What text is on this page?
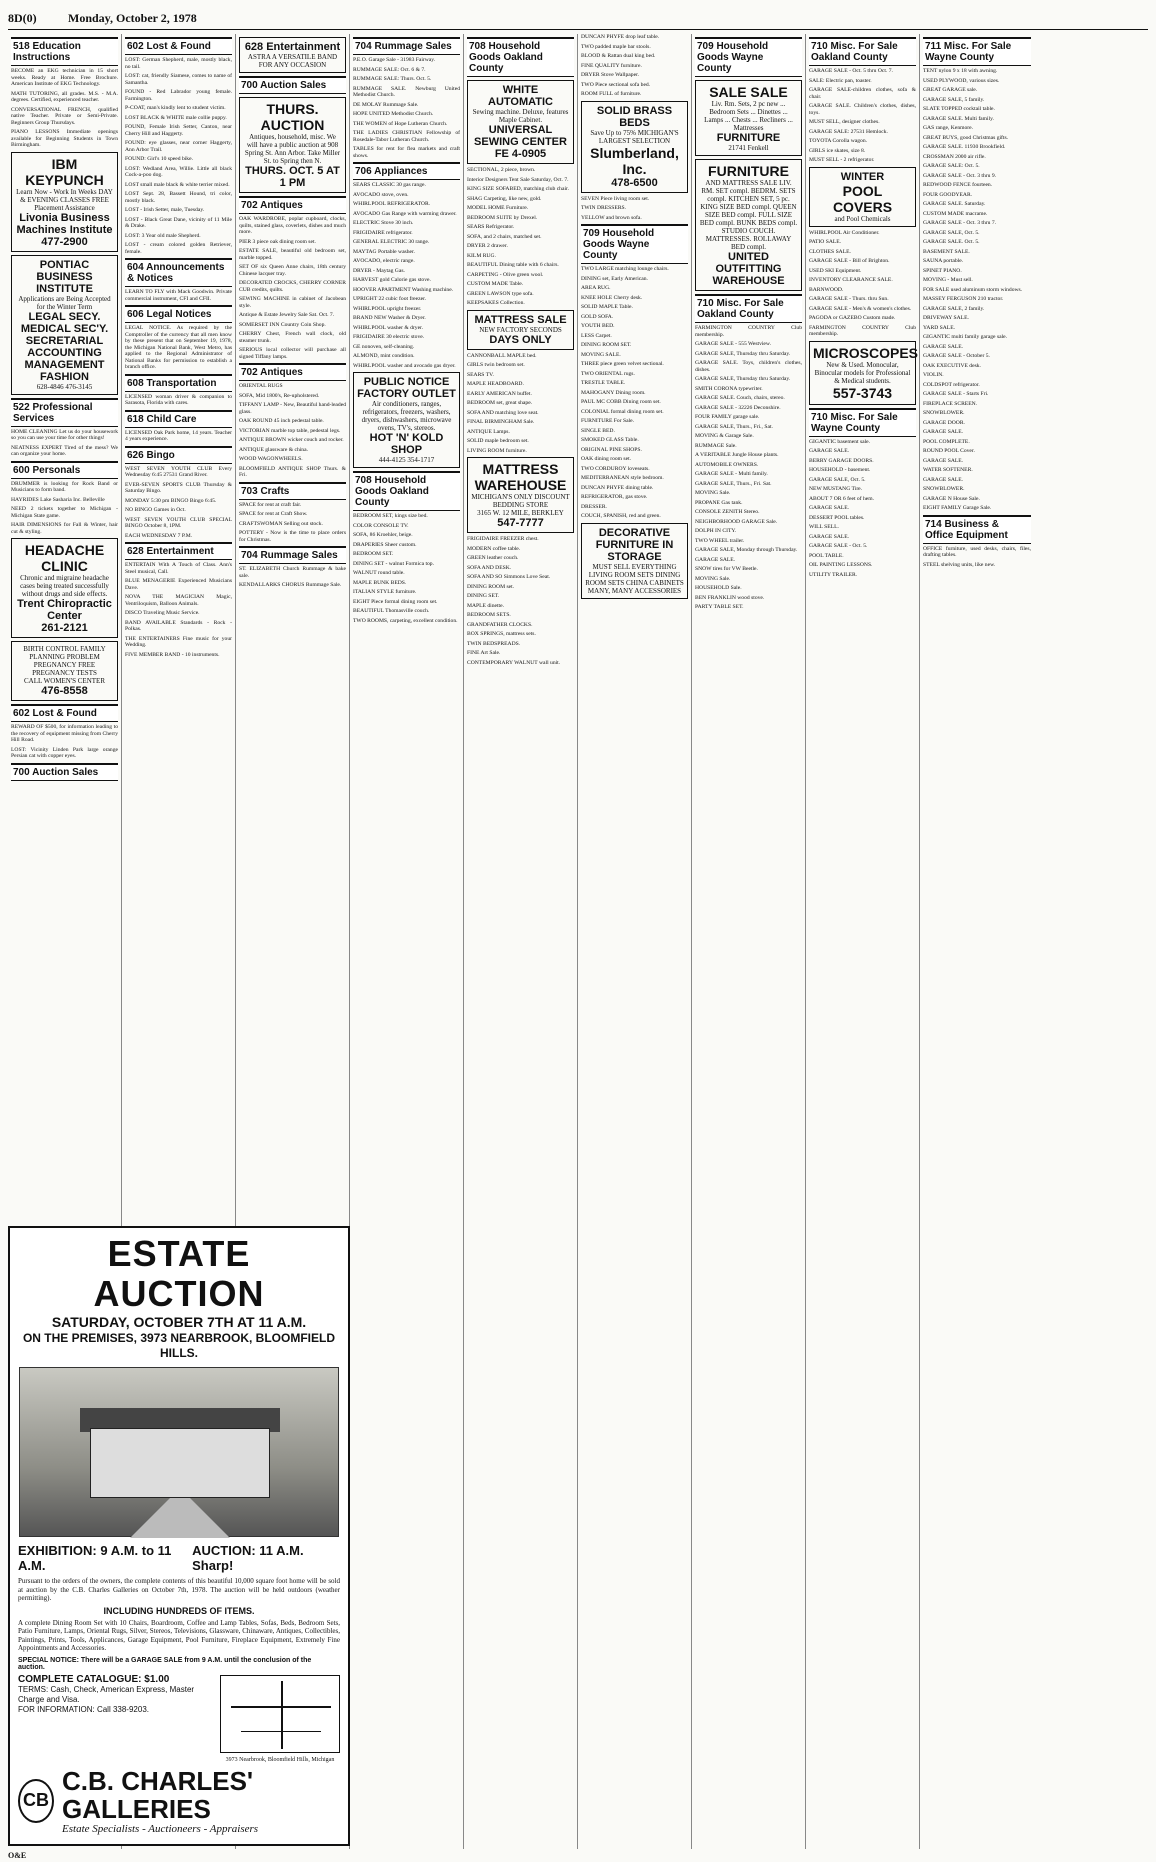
8D(0)	Monday, October 2, 1978
518 Education Instructions
BECOME an EKG technician in 15 short weeks. Ready at Home. Free Brochure. American Institute of EKG Technology.
MATH TUTORING, all grades. M.S. - M.A. degrees. Certified, experienced teacher.
CONVERSATIONAL FRENCH, qualified native Teacher. Private or Semi-Private. Beginners Group Thursdays.
PIANO LESSONS Immediate openings available for Beginning Students in Town Birmingham.
IBM KEYPUNCH
Learn Now - Work In Weeks DAY & EVENING CLASSES FREE Placement Assistance
Livonia Business Machines Institute
477-2900
PONTIAC BUSINESS INSTITUTE
Applications are Being Accepted for the Winter Term
LEGAL SECY. MEDICAL SEC'Y. SECRETARIAL ACCOUNTING MANAGEMENT FASHION
628-4846 476-3145
522 Professional Services
HOME CLEANING Let us do your housework so you can use your time for other things!
NEATNESS EXPERT Tired of the mess? We can organize your home.
600 Personals
DRUMMER is looking for Rock Band or Musicians to form band.
HAYRIDES Lake Sasharia Inc. Belleville
NEED 2 tickets together to Michigan - Michigan State game.
HAIR DIMENSIONS for Fall & Winter, hair cut & styling.
HEADACHE CLINIC
Chronic and migraine headache cases being treated successfully without drugs and side effects.
Trent Chiropractic Center
261-2121
BIRTH CONTROL FAMILY PLANNING PROBLEM PREGNANCY FREE PREGNANCY TESTS
CALL WOMEN'S CENTER
476-8558
602 Lost & Found
REWARD OF $500, for information leading to the recovery of equipment missing from Cherry Hill Road.
LOST: Vicinity Linden Park large orange Persian cat with copper eyes.
700 Auction Sales
602 Lost & Found
LOST: German Shepherd, male, mostly black, no tail.
LOST: cat, friendly Siamese, comes to name of Samantha.
FOUND - Red Labrador young female. Farmington.
P-COAT, man's kindly lent to student victim.
LOST BLACK & WHITE male collie puppy.
FOUND, Female Irish Setter, Canton, near Cherry Hill and Haggerty.
FOUND: eye glasses, near corner Haggerty, Ann Arbor Trail.
FOUND: Girl's 10 speed bike.
LOST: Wedland Area, Willie. Little all black Cock-a-poo dog.
LOST small male black & white terrier mixed.
LOST Sept. 28, Bassett Hound, tri color, mostly black.
LOST - Irish Setter, male, Tuesday.
LOST - Black Great Dane, vicinity of 11 Mile & Drake.
LOST: 3 Year old male Shepherd.
LOST - cream colored golden Retriever, female.
604 Announcements & Notices
LEARN TO FLY with Mack Goodwin. Private commercial instrument, CFI and CFII.
606 Legal Notices
LEGAL NOTICE. As required by the Comptroller of the currency that all men know by these present that on September 19, 1978, the Michigan National Bank, West Metro, has applied to the Regional Administrator of National Banks for permission to establish a branch office.
608 Transportation
LICENSED woman driver & companion to Sarasota, Florida with cares.
618 Child Care
LICENSED Oak Park home, 14 years. Teacher 4 years experience.
626 Bingo
WEST SEVEN YOUTH CLUB Every Wednesday 6:45 27531 Grand River.
EVER-SEVEN SPORTS CLUB Thursday & Saturday Bingo.
MONDAY 5:30 pm BINGO Bingo 6:45.
NO BINGO Games in Oct.
WEST SEVEN YOUTH CLUB SPECIAL BINGO October 8, 1PM.
EACH WEDNESDAY 7 P.M.
628 Entertainment
ENTERTAIN With A Touch of Class. Ann's Steel musical, Call.
BLUE MENAGERIE Experienced Musicians Dave.
NOVA THE MAGICIAN Magic, Ventriloquism, Balloon Animals.
DISCO Traveling Music Service.
BAND AVAILABLE Standards - Rock - Polkas.
THE ENTERTAINERS Fine music for your Wedding.
FIVE MEMBER BAND - 10 instruments.
628 Entertainment
ASTRA A VERSATILE BAND FOR ANY OCCASION
700 Auction Sales
THURS. AUCTION
Antiques, household, misc. We will have a public auction at 908 Spring St. Ann Arbor. Take Miller St. to Spring then N.
THURS. OCT. 5 AT 1 PM
702 Antiques
OAK WARDROBE, poplar cupboard, clocks, quilts, stained glass, coverlets, dishes and much more.
PIER 3 piece oak dining room set.
ESTATE SALE, beautiful old bedroom set, marble topped.
SET OF six Queen Anne chairs, 18th century Chinese lacquer tray.
DECORATED CROCKS, CHERRY CORNER CUB credits, quilts.
SEWING MACHINE in cabinet of Jacobean style.
Antique & Estate Jewelry Sale Sat. Oct. 7.
SOMERSET INN Country Coin Shop.
CHERRY Chest, French wall clock, old steamer trunk.
SERIOUS local collector will purchase all signed Tiffany lamps.
702 Antiques
ORIENTAL RUGS
SOFA, Mid 1800's, Re-upholstered.
TIFFANY LAMP - New, Beautiful hand-leaded glass.
OAK ROUND 45 inch pedestal table.
VICTORIAN marble top table, pedestal legs.
ANTIQUE BROWN wicker couch and rocker.
ANTIQUE glassware & china.
WOOD WAGONWHEELS.
BLOOMFIELD ANTIQUE SHOP Thurs. & Fri.
703 Crafts
SPACE for rent at craft fair.
SPACE for rent at Craft Show.
CRAFTSWOMAN Selling out stock.
POTTERY - Now is the time to place orders for Christmas.
704 Rummage Sales
ST. ELIZABETH Church Rummage & bake sale.
KENDALLARKS CHORUS Rummage Sale.
704 Rummage Sales
P.E.O. Garage Sale - 31983 Fairway.
RUMMAGE SALE: Oct. 6 & 7.
RUMMAGE SALE: Thurs. Oct. 5.
RUMMAGE SALE. Newburg United Methodist Church.
DE MOLAY Rummage Sale.
HOPE UNITED Methodist Church.
THE WOMEN of Hope Lutheran Church.
THE LADIES CHRISTIAN Fellowship of Rosedale-Tabor Lutheran Church.
TABLES for rent for flea markets and craft shows.
706 Appliances
SEARS CLASSIC 30 gas range.
AVOCADO stove, oven.
WHIRLPOOL REFRIGERATOR.
AVOCADO Gas Range with warming drawer.
ELECTRIC Stove 30 inch.
FRIGIDAIRE refrigerator.
GENERAL ELECTRIC 30 range.
MAYTAG Portable washer.
AVOCADO, electric range.
DRYER - Maytag Gas.
HARVEST gold Calorie gas stove.
HOOVER APARTMENT Washing machine.
UPRIGHT 22 cubic foot freezer.
WHIRLPOOL upright freezer.
BRAND NEW Washer & Dryer.
WHIRLPOOL washer & dryer.
FRIGIDAIRE 30 electric stove.
GE nonoven, self-cleaning.
ALMOND, mint condition.
WHIRLPOOL washer and avocado gas dryer.
PUBLIC NOTICE FACTORY OUTLET
Air conditioners, ranges, refrigerators, freezers, washers, dryers, dishwashers, microwave ovens, TV's, stereos.
HOT 'N' KOLD SHOP
444-4125 354-1717
708 Household Goods Oakland County
BEDROOM SET, kings size bed.
COLOR CONSOLE TV.
SOFA, 86 Kroehler, beige.
DRAPERIES Sheer custom.
BEDROOM SET.
DINING SET - walnut Formica top.
WALNUT round table.
MAPLE BUNK BEDS.
ITALIAN STYLE furniture.
EIGHT Piece formal dining room set.
BEAUTIFUL Thomasville couch.
TWO ROOMS, carpeting, excellent condition.
708 Household Goods Oakland County
WHITE AUTOMATIC
Sewing machine. Deluxe, features Maple Cabinet.
UNIVERSAL SEWING CENTER
FE 4-0905
SECTIONAL, 2 piece, brown.
Interior Designers Tent Sale Saturday, Oct. 7.
KING SIZE SOFABED, matching club chair.
SHAG Carpeting, like new, gold.
MODEL HOME Furniture.
BEDROOM SUITE by Drexel.
SEARS Refrigerator.
SOFA, and 2 chairs, matched set.
DRYER 2 drawer.
KILM RUG.
BEAUTIFUL Dining table with 6 chairs.
CARPETING - Olive green wool.
CUSTOM MADE Table.
GREEN LAWSON type sofa.
KEEPSAKES Collection.
MATTRESS SALE
NEW FACTORY SECONDS
DAYS ONLY
CANNONBALL MAPLE bed.
GIRLS twin bedroom set.
SEARS TV.
MAPLE HEADBOARD.
EARLY AMERICAN buffet.
BEDROOM set, great shape.
SOFA AND matching love seat.
FINAL BIRMINGHAM Sale.
ANTIQUE Lamps.
SOLID maple bedroom set.
LIVING ROOM furniture.
MATTRESS WAREHOUSE
MICHIGAN'S ONLY DISCOUNT BEDDING STORE
3165 W. 12 MILE, BERKLEY
547-7777
FRIGIDAIRE FREEZER chest.
MODERN coffee table.
GREEN leather couch.
SOFA AND DESK.
SOFA AND SO Simmons Love Seat.
DINING ROOM set.
DINING SET.
MAPLE dinette.
BEDROOM SETS.
GRANDFATHER CLOCKS.
BOX SPRINGS, mattress sets.
TWIN BEDSPREADS.
FINE Art Sale.
CONTEMPORARY WALNUT wall unit.
DUNCAN PHYFE drop leaf table.
TWO padded maple bar stools.
BLOOD & Rattan dual king bed.
FINE QUALITY furniture.
DRYER Stove Wallpaper.
TWO Piece sectional sofa bed.
ROOM FULL of furniture.
SOLID BRASS BEDS
Save Up to 75% MICHIGAN'S LARGEST SELECTION
Slumberland, Inc.
478-6500
SEVEN Piece living room set.
TWIN DRESSERS.
YELLOW and brown sofa.
709 Household Goods Wayne County
TWO LARGE matching lounge chairs.
DINING set, Early American.
AREA RUG.
KNEE HOLE Cherry desk.
SOLID MAPLE Table.
GOLD SOFA.
YOUTH BED.
LESS Carpet.
DINING ROOM SET.
MOVING SALE.
THREE piece green velvet sectional.
TWO ORIENTAL rugs.
TRESTLE TABLE.
MAHOGANY Dining room.
PAUL MC COBB Dining room set.
COLONIAL formal dining room set.
FURNITURE For Sale.
SINGLE BED.
SMOKED GLASS Table.
ORIGINAL PINE SHOPS.
OAK dining room set.
TWO CORDUROY loveseats.
MEDITERRANEAN style bedroom.
DUNCAN PHYFE dining table.
REFRIGERATOR, gas stove.
DRESSER.
COUCH, SPANISH, red and green.
DECORATIVE FURNITURE IN STORAGE
MUST SELL EVERYTHING LIVING ROOM SETS DINING ROOM SETS CHINA CABINETS MANY, MANY ACCESSORIES
709 Household Goods Wayne County
SALE SALE
Liv. Rm. Sets, 2 pc new ... Bedroom Sets ... Dinettes ... Lamps ... Chests ... Recliners ... Mattresses
FURNITURE
21741 Fenkell
FURNITURE
AND MATTRESS SALE LIV. RM. SET compl. BEDRM. SETS compl. KITCHEN SET, 5 pc. KING SIZE BED compl. QUEEN SIZE BED compl. FULL SIZE BED compl. BUNK BEDS compl. STUDIO COUCH. MATTRESSES. ROLLAWAY BED compl.
UNITED OUTFITTING WAREHOUSE
710 Misc. For Sale Oakland County
FARMINGTON COUNTRY Club membership.
GARAGE SALE - 555 Westview.
GARAGE SALE, Thursday thru Saturday.
GARAGE SALE. Toys, children's clothes, dishes.
GARAGE SALE, Thursday thru Saturday.
SMITH CORONA typewriter.
GARAGE SALE. Couch, chairs, stereo.
GARAGE SALE - 32226 Deconshire.
FOUR FAMILY garage sale.
GARAGE SALE, Thurs., Fri., Sat.
MOVING & Garage Sale.
RUMMAGE Sale.
A VERITABLE Jungle House plants.
AUTOMOBILE OWNERS.
GARAGE SALE - Multi family.
GARAGE SALE, Thurs., Fri. Sat.
MOVING Sale.
PROPANE Gas tank.
CONSOLE ZENITH Stereo.
NEIGHBORHOOD GARAGE Sale.
DOLPH IN CITY.
TWO WHEEL trailer.
GARAGE SALE, Monday through Thursday.
GARAGE SALE.
SNOW tires for VW Beetle.
MOVING Sale.
HOUSEHOLD Sale.
BEN FRANKLIN wood stove.
PARTY TABLE SET.
710 Misc. For Sale Oakland County
GARAGE SALE - Oct. 5 thru Oct. 7.
SALE: Electric pan, toaster.
GARAGE SALE-children clothes, sofa & chair.
GARAGE SALE. Children's clothes, dishes, toys.
MUST SELL, designer clothes.
GARAGE SALE: 27531 Hemlock.
TOYOTA Corolla wagon.
GIRLS ice skates, size 8.
MUST SELL - 2 refrigerator.
WINTER
POOL COVERS
and Pool Chemicals
WHIRLPOOL Air Conditioner.
PATIO SALE.
CLOTHES SALE.
GARAGE SALE - Bill of Brighton.
USED SKI Equipment.
INVENTORY CLEARANCE SALE.
BARNWOOD.
GARAGE SALE - Thurs. thru Sun.
GARAGE SALE - Men's & women's clothes.
PAGODA or GAZEBO Custom made.
FARMINGTON COUNTRY Club membership.
MICROSCOPES
New & Used. Monocular, Binocular models for Professional & Medical students.
557-3743
710 Misc. For Sale Wayne County
GIGANTIC basement sale.
GARAGE SALE.
BERRY GARAGE DOORS.
HOUSEHOLD - basement.
GARAGE SALE, Oct. 5.
NEW MUSTANG Tire.
ABOUT 7 OR 6 feet of hem.
GARAGE SALE.
DESSERT POOL tables.
WILL SELL.
GARAGE SALE.
GARAGE SALE - Oct. 5.
POOL TABLE.
OIL PAINTING LESSONS.
UTILITY TRAILER.
711 Misc. For Sale Wayne County
TENT nylon 9 x 18 with awning.
USED PLYWOOD, various sizes.
GREAT GARAGE sale.
GARAGE SALE, 5 family.
SLATE TOPPED cocktail table.
GARAGE SALE. Multi family.
GAS range, Kenmore.
GREAT BUYS, good Christmas gifts.
GARAGE SALE. 11930 Brookfield.
CROSSMAN 2000 air rifle.
GARAGE SALE: Oct. 5.
GARAGE SALE - Oct. 3 thru 9.
REDWOOD FENCE fourteen.
FOUR GOODYEAR.
GARAGE SALE. Saturday.
CUSTOM MADE macrame.
GARAGE SALE - Oct. 3 thru 7.
GARAGE SALE, Oct. 5.
GARAGE SALE. Oct. 5.
BASEMENT SALE.
SAUNA portable.
SPINET PIANO.
MOVING - Must sell.
FOR SALE used aluminum storm windows.
MASSEY FERGUSON 210 tractor.
GARAGE SALE, 2 family.
DRIVEWAY SALE.
YARD SALE.
GIGANTIC multi family garage sale.
GARAGE SALE.
GARAGE SALE - October 5.
OAK EXECUTIVE desk.
VIOLIN.
COLDSPOT refrigerator.
GARAGE SALE - Starts Fri.
FIREPLACE SCREEN.
SNOWBLOWER.
GARAGE DOOR.
GARAGE SALE.
POOL COMPLETE.
ROUND POOL Cover.
GARAGE SALE.
WATER SOFTENER.
GARAGE SALE.
SNOWBLOWER.
GARAGE N House Sale.
EIGHT FAMILY Garage Sale.
714 Business & Office Equipment
OFFICE furniture, used desks, chairs, files, drafting tables.
STEEL shelving units, like new.
ESTATE AUCTION
SATURDAY, OCTOBER 7TH AT 11 A.M.
ON THE PREMISES, 3973 NEARBROOK, BLOOMFIELD HILLS.
EXHIBITION: 9 A.M. to 11 A.M.
AUCTION: 11 A.M. Sharp!

Pursuant to the orders of the owners, the complete contents of this beautiful 10,000 square foot home will be sold at auction by the C.B. Charles Galleries on October 7th, 1978. The auction will be held outdoors (weather permitting).

INCLUDING HUNDREDS OF ITEMS.

A complete Dining Room Set with 10 Chairs, Boardroom, Coffee and Lamp Tables, Sofas, Beds, Bedroom Sets, Patio Furniture, Lamps, Oriental Rugs, Silver, Stereos, Televisions, Glassware, Chinaware, Antiques, Collectibles, Paintings, Prints, Tools, Applicances, Garage Equipment, Pool Furniture, Fireplace Equipment, Extremely Fine Appointments and Accessories.

SPECIAL NOTICE: There will be a GARAGE SALE from 9 A.M. until the conclusion of the auction.
COMPLETE CATALOGUE: $1.00
TERMS: Cash, Check, American Express, Master Charge and Visa.
FOR INFORMATION: Call 338-9203.
3973 Nearbrook, Bloomfield Hills, Michigan
CB
C.B. CHARLES' GALLERIES
Estate Specialists - Auctioneers - Appraisers
O&E
